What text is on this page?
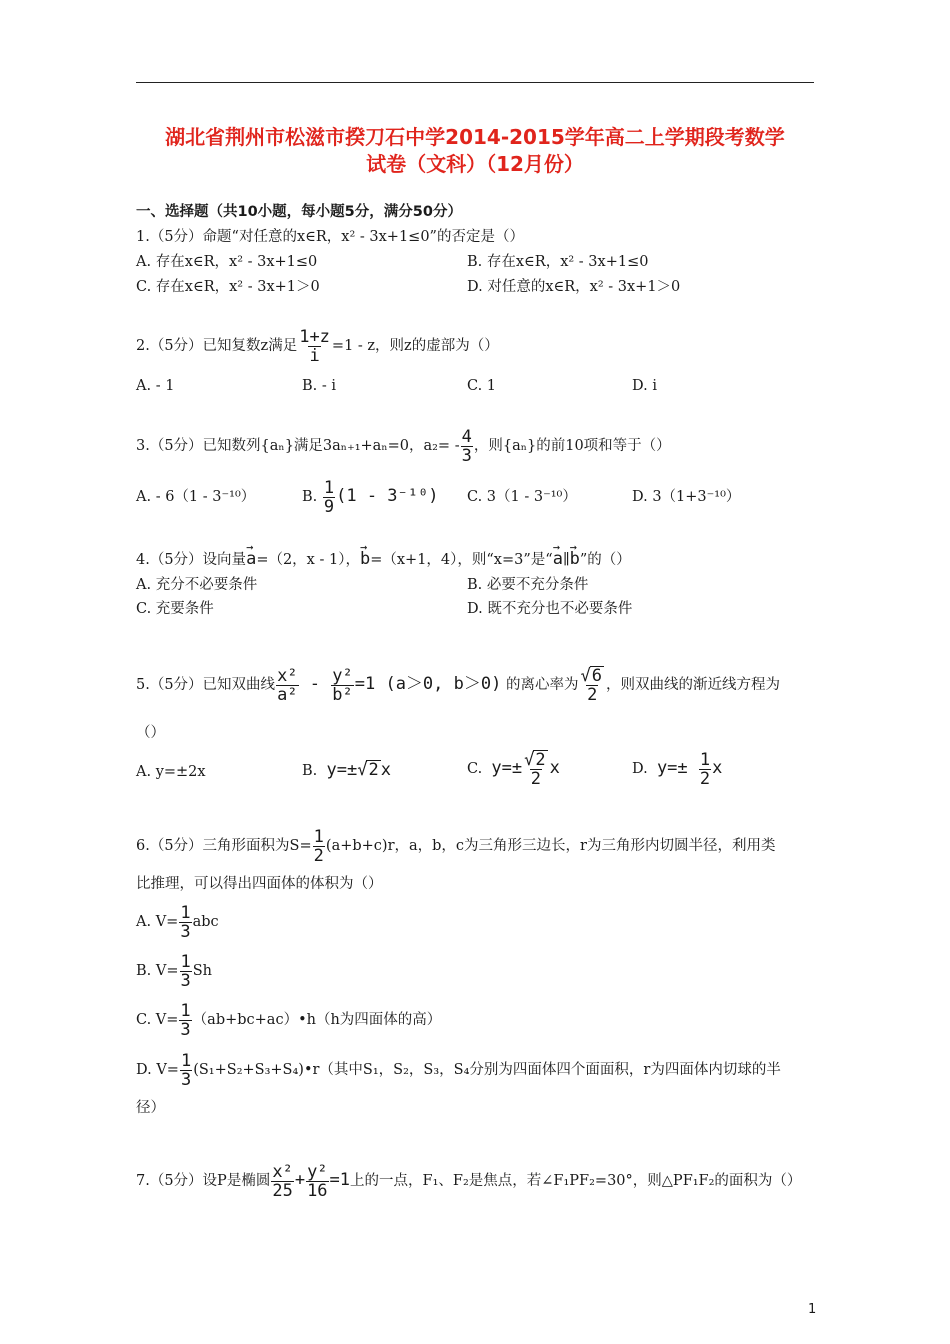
湖北省荆州市松滋市揆刀石中学2014-2015学年高二上学期段考数学
试卷（文科）（12月份）
一、选择题（共10小题，每小题5分，满分50分）
1.（5分）命题“对任意的x∈R，x² - 3x+1≤0”的否定是（）
A. 存在x∈R，x² - 3x+1≤0	B. 存在x∈R，x² - 3x+1≤0
C. 存在x∈R，x² - 3x+1＞0	D. 对任意的x∈R，x² - 3x+1＞0
2.（5分）已知复数z满足 $\frac{1+z}{i} =1 - z$，则z的虚部为（）
A. - 1	B. - i	C. 1	D. i
3.（5分）已知数列{aₙ}满足3aₙ₊₁+aₙ=0，$a_2= - \frac{4}{3}$ ，则{aₙ}的前10项和等于（）
A. - 6（1 - 3⁻¹⁰）	B. $\frac{1}{9} (1 - 3^{-10})$ C. 3（1 - 3⁻¹⁰）	D. 3（1+3⁻¹⁰）
4.（5分）设向量→ a=（2，x - 1），→ b=（x+1，4），则“x=3”是“→ a∥→ b”的（）
A. 充分不必要条件	B. 必要不充分条件
C. 充要条件	D. 既不充分也不必要条件
5.（5分）已知双曲线 $\frac{\text{x²}}{\text{a²}} - \frac{\text{y²}}{\text{b²}} =1$ (a＞0, b＞0) 的离心率为 $\frac{√6}{2}$ ，则双曲线的渐近线方程为
（）
A. y=±2x	B. y=±√2 x	C. $y=\pm \frac{√2}{2}$ x	D. $y=\pm \frac{1}{2}$ x
6.（5分）三角形面积为$S= \frac{1}{2} (a+b+c)r$，a，b，c为三角形三边长，r为三角形内切圆半径，利用类
比推理，可以得出四面体的体积为（）
A. $V= \frac{1}{3}$ abc
B. $V= \frac{1}{3}$ Sh
C. $V= \frac{1}{3}$ （ab+bc+ac）•h（h为四面体的高）
D. $V= \frac{1}{3}$ (S₁+S₂+S₃+S₄)•r（其中S₁，S₂，S₃，S₄分别为四面体四个面面积，r为四面体内切球的半
径）
7.（5分）设P是椭圆 $\frac{\text{x²}}{25} + \frac{\text{y²}}{16} =1$上的一点，F₁、F₂是焦点，若∠F₁PF₂=30°，则△PF₁F₂的面积为（）
1
